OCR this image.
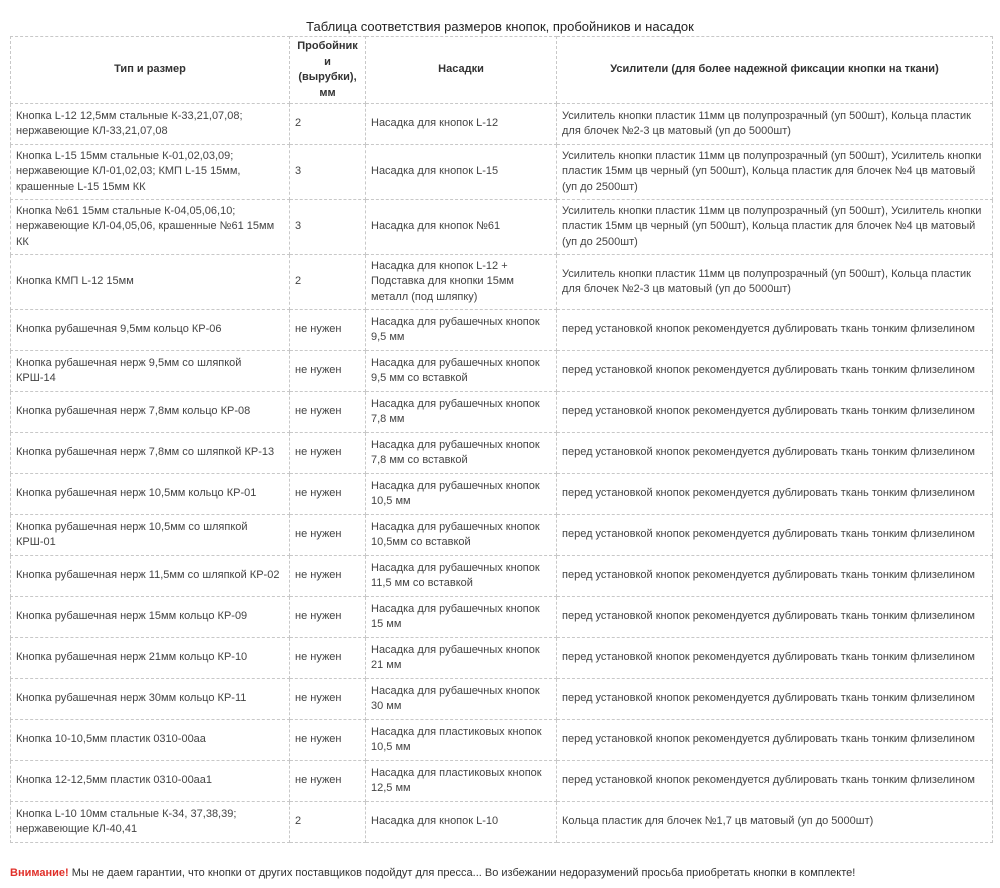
Таблица соответствия размеров кнопок, пробойников и насадок
Тип и размер	Пробойники (вырубки), мм	Насадки	Усилители (для более надежной фиксации кнопки на ткани)
Кнопка L-12 12,5мм стальные К-33,21,07,08; нержавеющие КЛ-33,21,07,08	2	Насадка для кнопок L-12	Усилитель кнопки пластик 11мм цв полупрозрачный (уп 500шт), Кольца пластик для блочек №2-3 цв матовый (уп до 5000шт)
Кнопка L-15 15мм стальные К-01,02,03,09; нержавеющие КЛ-01,02,03; КМП L-15 15мм, крашенные L-15 15мм КК	3	Насадка для кнопок L-15	Усилитель кнопки пластик 11мм цв полупрозрачный (уп 500шт), Усилитель кнопки пластик 15мм цв черный (уп 500шт), Кольца пластик для блочек №4 цв матовый (уп до 2500шт)
Кнопка №61 15мм стальные К-04,05,06,10; нержавеющие КЛ-04,05,06, крашенные №61 15мм КК	3	Насадка для кнопок №61	Усилитель кнопки пластик 11мм цв полупрозрачный (уп 500шт), Усилитель кнопки пластик 15мм цв черный (уп 500шт), Кольца пластик для блочек №4 цв матовый (уп до 2500шт)
Кнопка КМП L-12 15мм	2	Насадка для кнопок L-12 + Подставка для кнопки 15мм металл (под шляпку)	Усилитель кнопки пластик 11мм цв полупрозрачный (уп 500шт), Кольца пластик для блочек №2-3 цв матовый (уп до 5000шт)
Кнопка рубашечная 9,5мм кольцо КР-06	не нужен	Насадка для рубашечных кнопок 9,5 мм	перед установкой кнопок рекомендуется дублировать ткань тонким флизелином
Кнопка рубашечная нерж 9,5мм со шляпкой КРШ-14	не нужен	Насадка для рубашечных кнопок 9,5 мм со вставкой	перед установкой кнопок рекомендуется дублировать ткань тонким флизелином
Кнопка рубашечная нерж 7,8мм кольцо КР-08	не нужен	Насадка для рубашечных кнопок 7,8 мм	перед установкой кнопок рекомендуется дублировать ткань тонким флизелином
Кнопка рубашечная нерж 7,8мм со шляпкой КР-13	не нужен	Насадка для рубашечных кнопок 7,8 мм со вставкой	перед установкой кнопок рекомендуется дублировать ткань тонким флизелином
Кнопка рубашечная нерж 10,5мм кольцо КР-01	не нужен	Насадка для рубашечных кнопок 10,5 мм	перед установкой кнопок рекомендуется дублировать ткань тонким флизелином
Кнопка рубашечная нерж 10,5мм со шляпкой КРШ-01	не нужен	Насадка для рубашечных кнопок 10,5мм со вставкой	перед установкой кнопок рекомендуется дублировать ткань тонким флизелином
Кнопка рубашечная нерж 11,5мм со шляпкой КР-02	не нужен	Насадка для рубашечных кнопок 11,5 мм со вставкой	перед установкой кнопок рекомендуется дублировать ткань тонким флизелином
Кнопка рубашечная нерж 15мм кольцо КР-09	не нужен	Насадка для рубашечных кнопок 15 мм	перед установкой кнопок рекомендуется дублировать ткань тонким флизелином
Кнопка рубашечная нерж 21мм кольцо КР-10	не нужен	Насадка для рубашечных кнопок 21 мм	перед установкой кнопок рекомендуется дублировать ткань тонким флизелином
Кнопка рубашечная нерж 30мм кольцо КР-11	не нужен	Насадка для рубашечных кнопок 30 мм	перед установкой кнопок рекомендуется дублировать ткань тонким флизелином
Кнопка 10-10,5мм пластик 0310-00аа	не нужен	Насадка для пластиковых кнопок 10,5 мм	перед установкой кнопок рекомендуется дублировать ткань тонким флизелином
Кнопка 12-12,5мм пластик 0310-00аа1	не нужен	Насадка для пластиковых кнопок 12,5 мм	перед установкой кнопок рекомендуется дублировать ткань тонким флизелином
Кнопка L-10 10мм стальные К-34, 37,38,39; нержавеющие КЛ-40,41	2	Насадка для кнопок L-10	Кольца пластик для блочек №1,7 цв матовый (уп до 5000шт)
Внимание! Мы не даем гарантии, что кнопки от других поставщиков подойдут для пресса... Во избежании недоразумений просьба приобретать кнопки в комплекте!
